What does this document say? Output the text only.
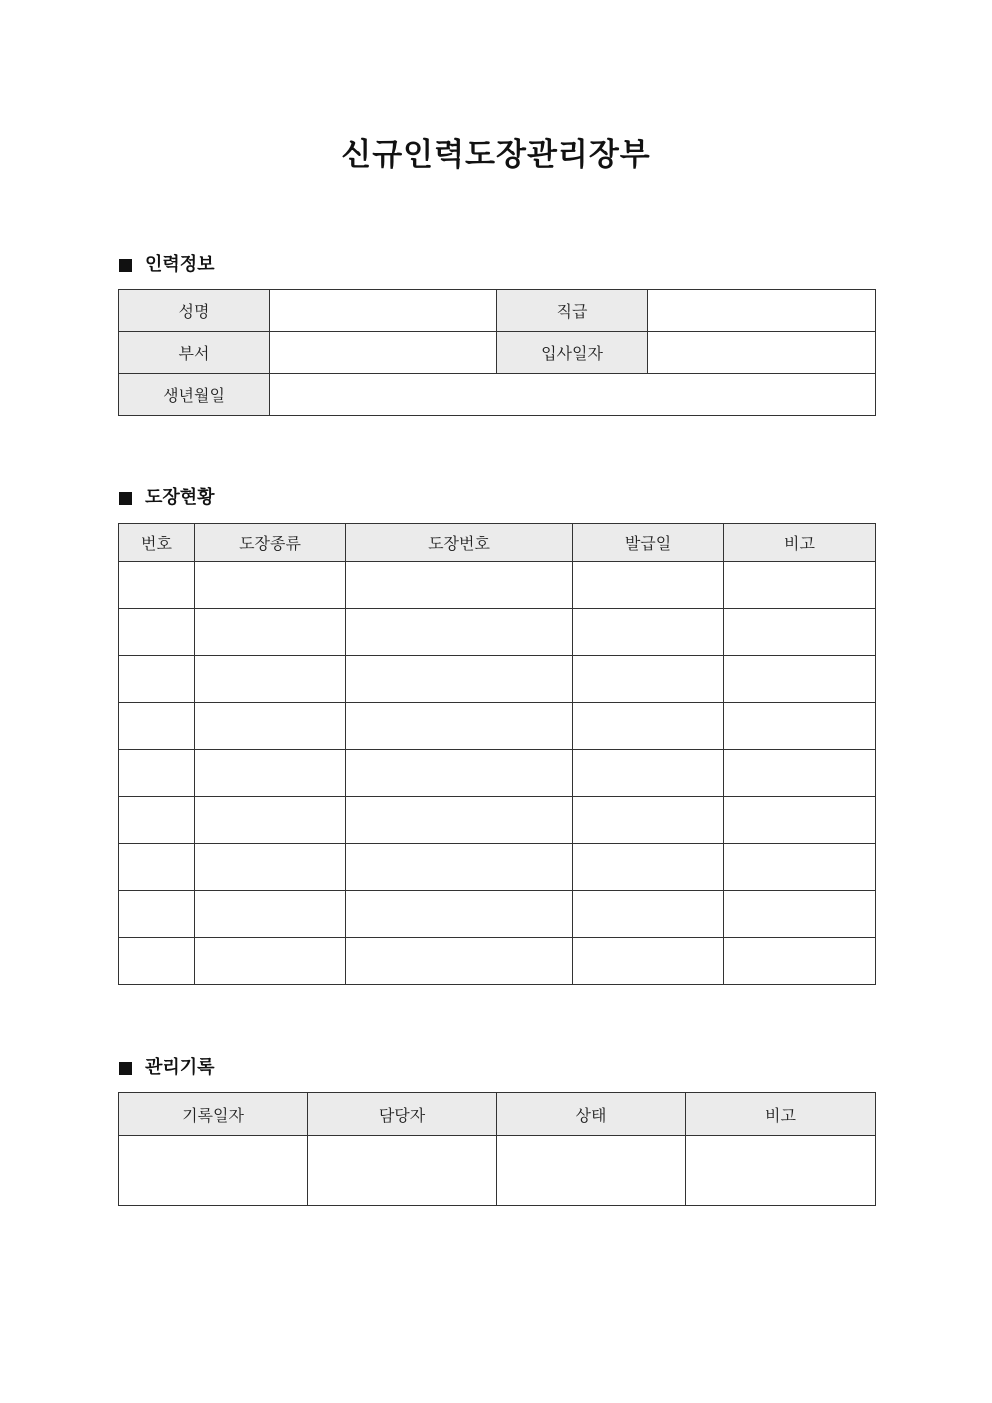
신규인력도장관리장부
인력정보
성명		직급	
부서		입사일자	
생년월일			
도장현황
번호	도장종류	도장번호	발급일	비고

관리기록
기록일자	담당자	상태	비고
